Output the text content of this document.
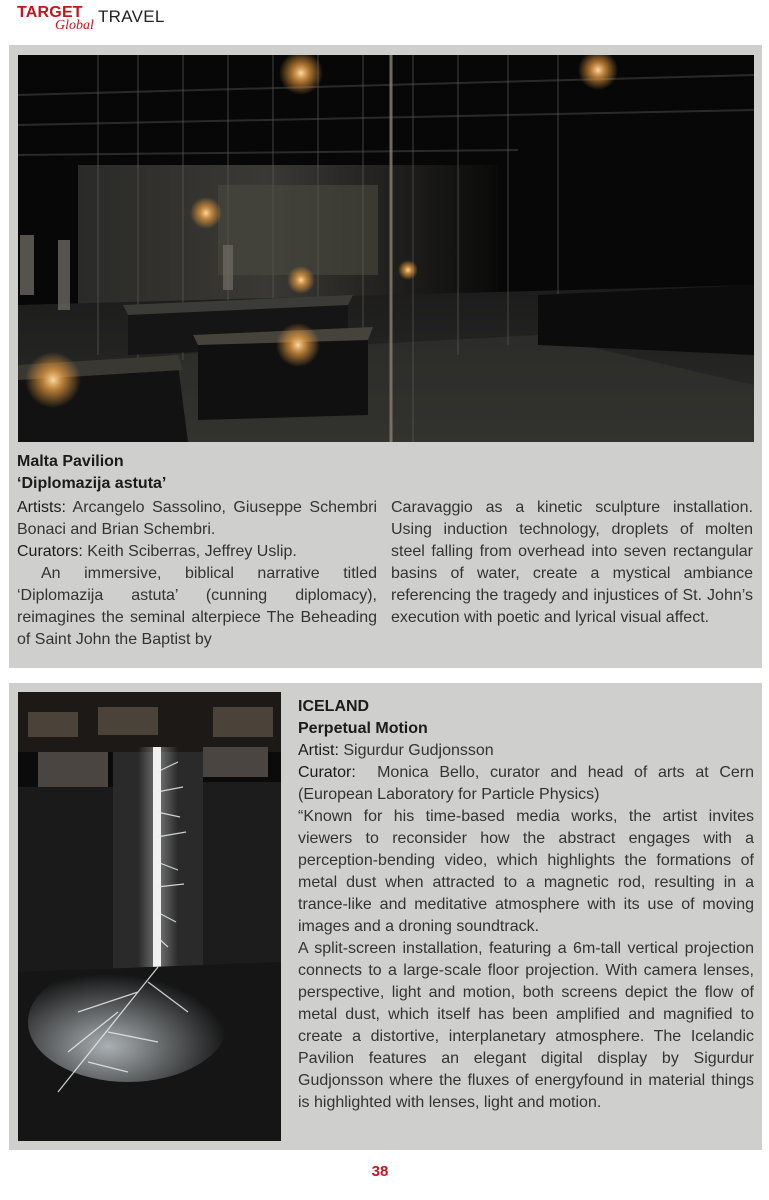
TARGET
Global TRAVEL

Malta Pavilion

‘Diplomazija astuta’

Artists: Arcangelo Sassolino, Giuseppe Schembri Bonaci and Brian Schembri.

Curators: Keith Sciberras, Jeffrey Uslip.

An immersive, biblical narrative titled ‘Diplomazija astuta’ (cunning diplomacy), reimagines the seminal alterpiece The Beheading of Saint John the Baptist by

Caravaggio as a kinetic sculpture installation. Using induction technology, droplets of molten steel falling from overhead into seven rectangular basins of water, create a mystical ambiance referencing the tragedy and injustices of St. John’s execution with poetic and lyrical visual affect.

ICELAND

Perpetual Motion

Artist: Sigurdur Gudjonsson

Curator: Monica Bello, curator and head of arts at Cern (European Laboratory for Particle Physics)

“Known for his time-based media works, the artist invites viewers to reconsider how the abstract engages with a perception-bending video, which highlights the formations of metal dust when attracted to a magnetic rod, resulting in a trance-like and meditative atmosphere with its use of moving images and a droning soundtrack.

A split-screen installation, featuring a 6m-tall vertical projection connects to a large-scale floor projection. With camera lenses, perspective, light and motion, both screens depict the flow of metal dust, which itself has been amplified and magnified to create a distortive, interplanetary atmosphere. The Icelandic Pavilion features an elegant digital display by Sigurdur Gudjonsson where the fluxes of energyfound in material things is highlighted with lenses, light and motion.

38
